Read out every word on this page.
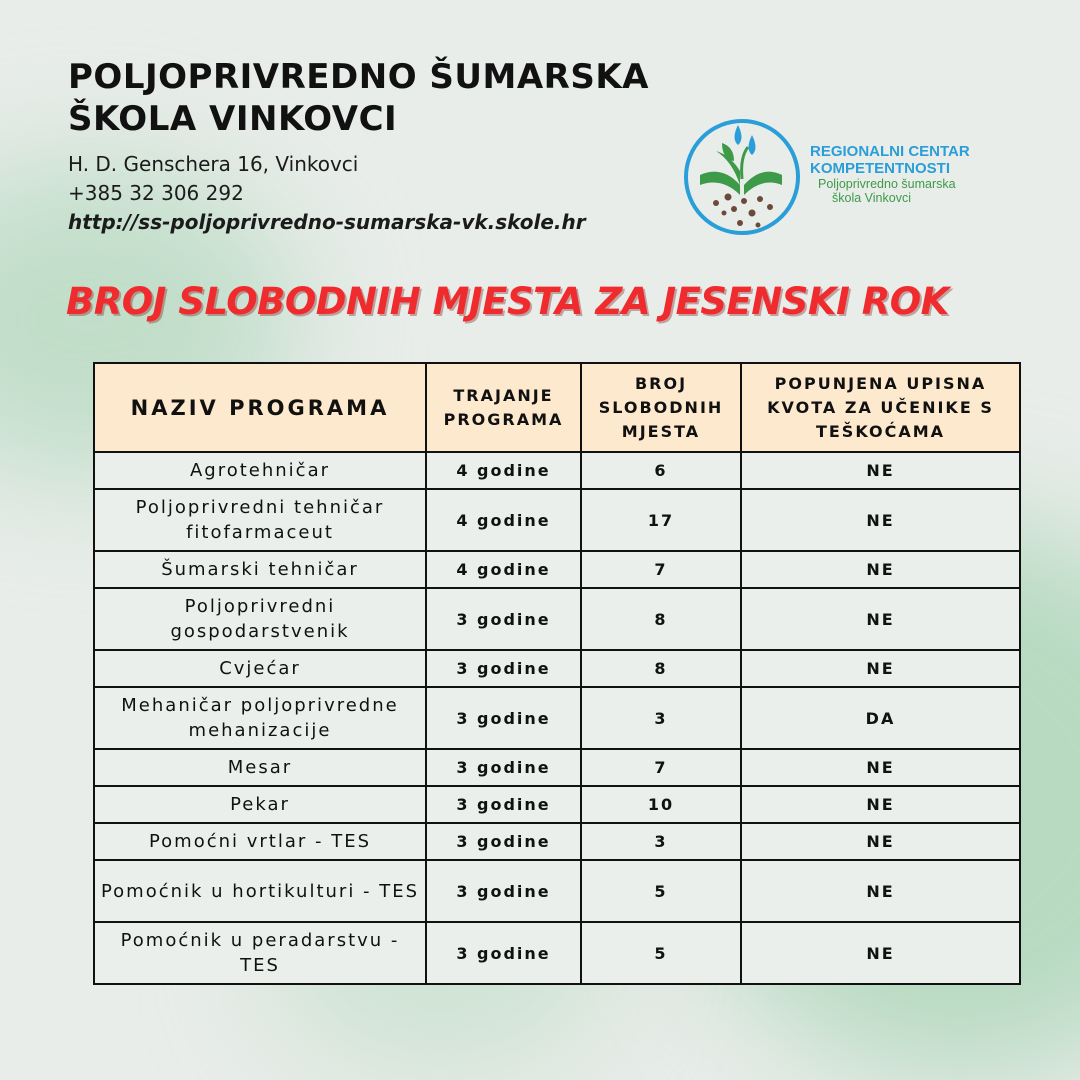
POLJOPRIVREDNO ŠUMARSKA
ŠKOLA VINKOVCI
H. D. Genschera 16, Vinkovci
+385 32 306 292
http://ss-poljoprivredno-sumarska-vk.skole.hr
REGIONALNI CENTAR
KOMPETENTNOSTI
Poljoprivredno šumarska
škola Vinkovci
BROJ SLOBODNIH MJESTA ZA JESENSKI ROK
NAZIV PROGRAMA	TRAJANJE PROGRAMA	BROJ SLOBODNIH MJESTA	POPUNJENA UPISNA KVOTA ZA UČENIKE S TEŠKOĆAMA
Agrotehničar	4 godine	6	NE
Poljoprivredni tehničar fitofarmaceut	4 godine	17	NE
Šumarski tehničar	4 godine	7	NE
Poljoprivredni gospodarstvenik	3 godine	8	NE
Cvjećar	3 godine	8	NE
Mehaničar poljoprivredne mehanizacije	3 godine	3	DA
Mesar	3 godine	7	NE
Pekar	3 godine	10	NE
Pomoćni vrtlar - TES	3 godine	3	NE
Pomoćnik u hortikulturi - TES	3 godine	5	NE
Pomoćnik u peradarstvu - TES	3 godine	5	NE
